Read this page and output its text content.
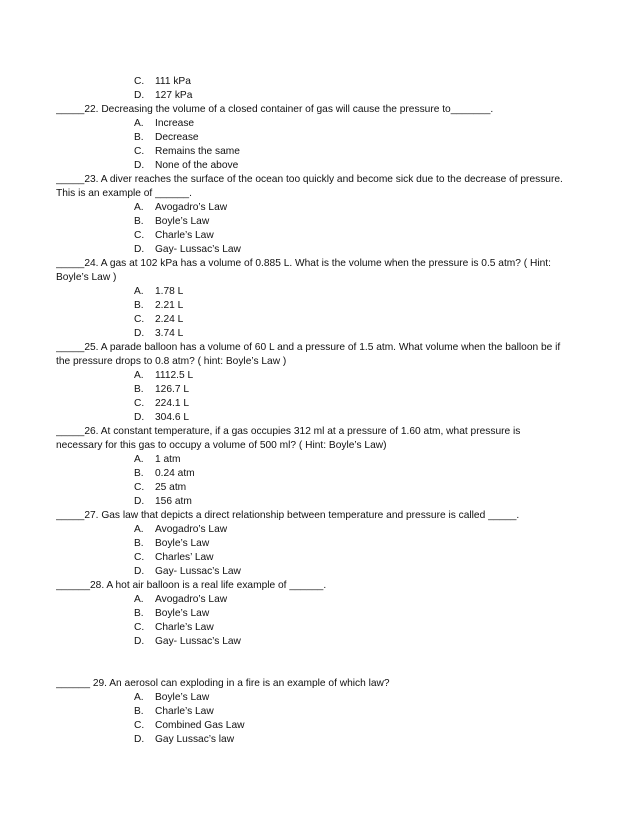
C. 111 kPa
D. 127 kPa
_____22. Decreasing the volume of a closed container of gas will cause the pressure to_______.
A. Increase
B. Decrease
C. Remains the same
D. None of the above
_____23. A diver reaches the surface of the ocean too quickly and become sick due to the decrease of pressure.
This is an example of ______.
A. Avogadro’s Law
B. Boyle’s Law
C. Charle’s Law
D. Gay- Lussac’s Law
_____24. A gas at 102 kPa has a volume of 0.885 L. What is the volume when the pressure is 0.5 atm? ( Hint:
Boyle’s Law )
A. 1.78 L
B. 2.21 L
C. 2.24 L
D. 3.74 L
_____25. A parade balloon has a volume of 60 L and a pressure of 1.5 atm. What volume when the balloon be if
the pressure drops to 0.8 atm? ( hint: Boyle’s Law )
A. 1112.5 L
B. 126.7 L
C. 224.1 L
D. 304.6 L
_____26. At constant temperature, if a gas occupies 312 ml at a pressure of 1.60 atm, what pressure is
necessary for this gas to occupy a volume of 500 ml? ( Hint: Boyle’s Law)
A. 1 atm
B. 0.24 atm
C. 25 atm
D. 156 atm
_____27. Gas law that depicts a direct relationship between temperature and pressure is called _____.
A. Avogadro’s Law
B. Boyle’s Law
C. Charles’ Law
D. Gay- Lussac’s Law
______28. A hot air balloon is a real life example of ______.
A. Avogadro’s Law
B. Boyle’s Law
C. Charle’s Law
D. Gay- Lussac’s Law
______ 29. An aerosol can exploding in a fire is an example of which law?
A. Boyle’s Law
B. Charle’s Law
C. Combined Gas Law
D. Gay Lussac’s law
